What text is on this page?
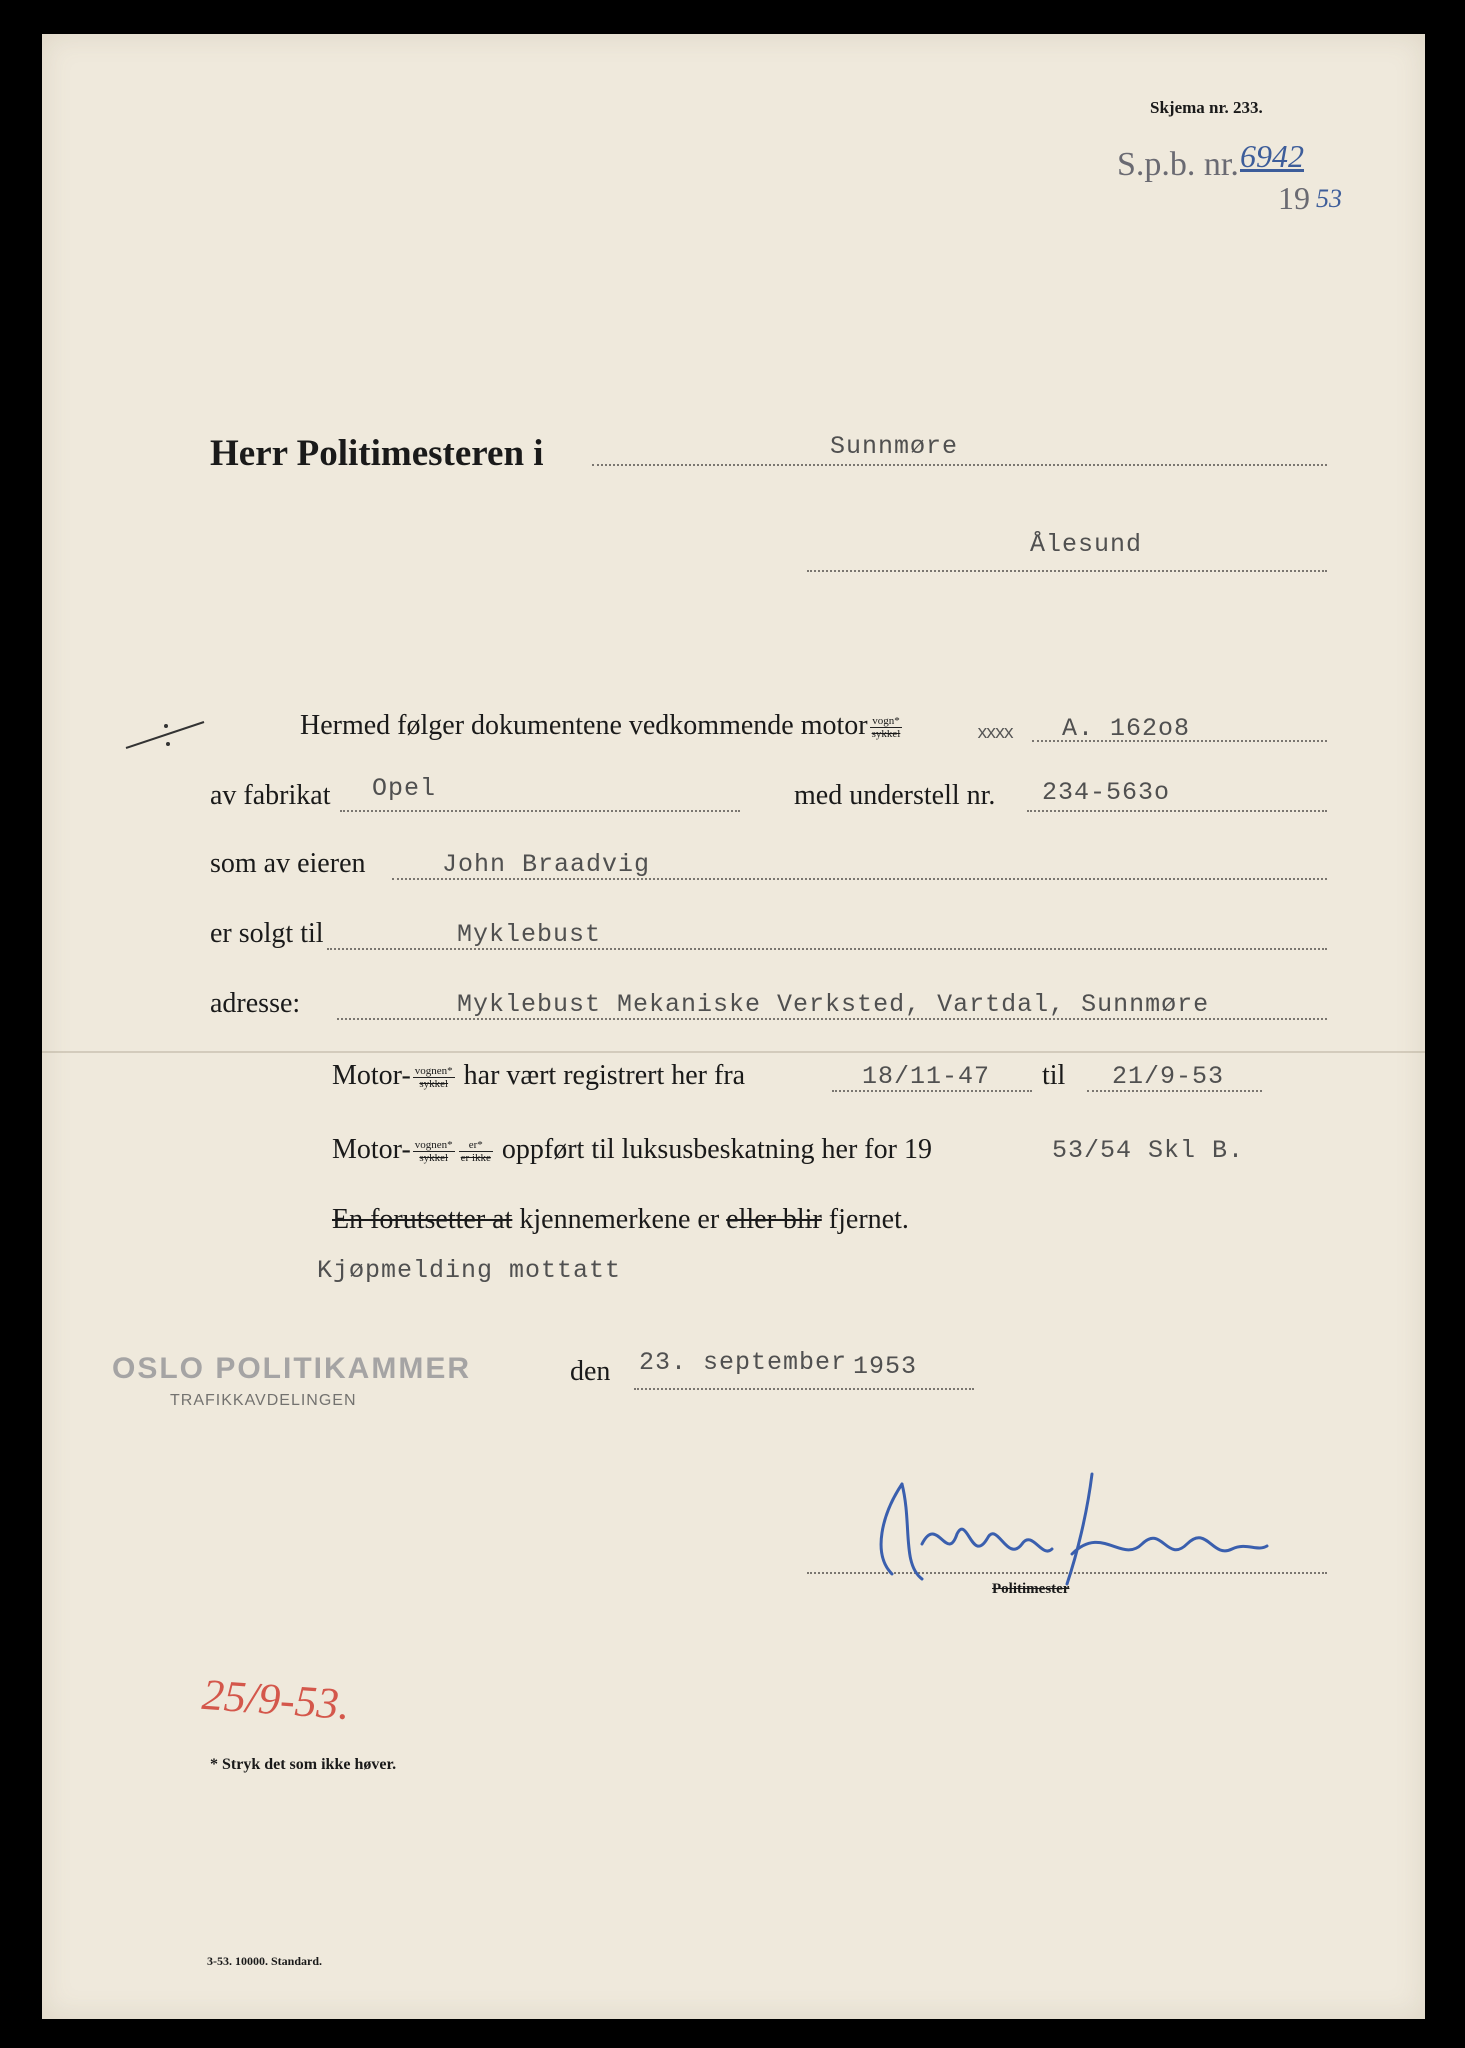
Skjema nr. 233.
S.p.b. nr. 6942
19 53
Herr Politimesteren i	Sunnmøre
Ålesund
Hermed følger dokumentene vedkommende motor $\frac{\text{vogn*}}{\text{sykkel}}$	xxxx A. 162o8
av fabrikat Opel	med understell nr. 234-563o
som av eieren	John Braadvig
er solgt til	Myklebust
adresse:	Myklebust Mekaniske Verksted, Vartdal, Sunnmøre
Motor- $\frac{\text{vognen*}}{\text{sykkel}}$ har vært registrert her fra	18/11-47 til 21/9-53
Motor- $\frac{\text{vognen*}}{\text{sykkel}} \frac{er*}{\text{er ikke}}$ oppført til luksusbeskatning her for 19	53/54 Skl B.
En forutsetter at kjennemerkene er eller blir fjernet.
Kjøpmelding mottatt
OSLO POLITIKAMMER
TRAFIKKAVDELINGEN
den 23. september 1953
Politimester
25/9-53.
* Stryk det som ikke høver.
3-53. 10000. Standard.
